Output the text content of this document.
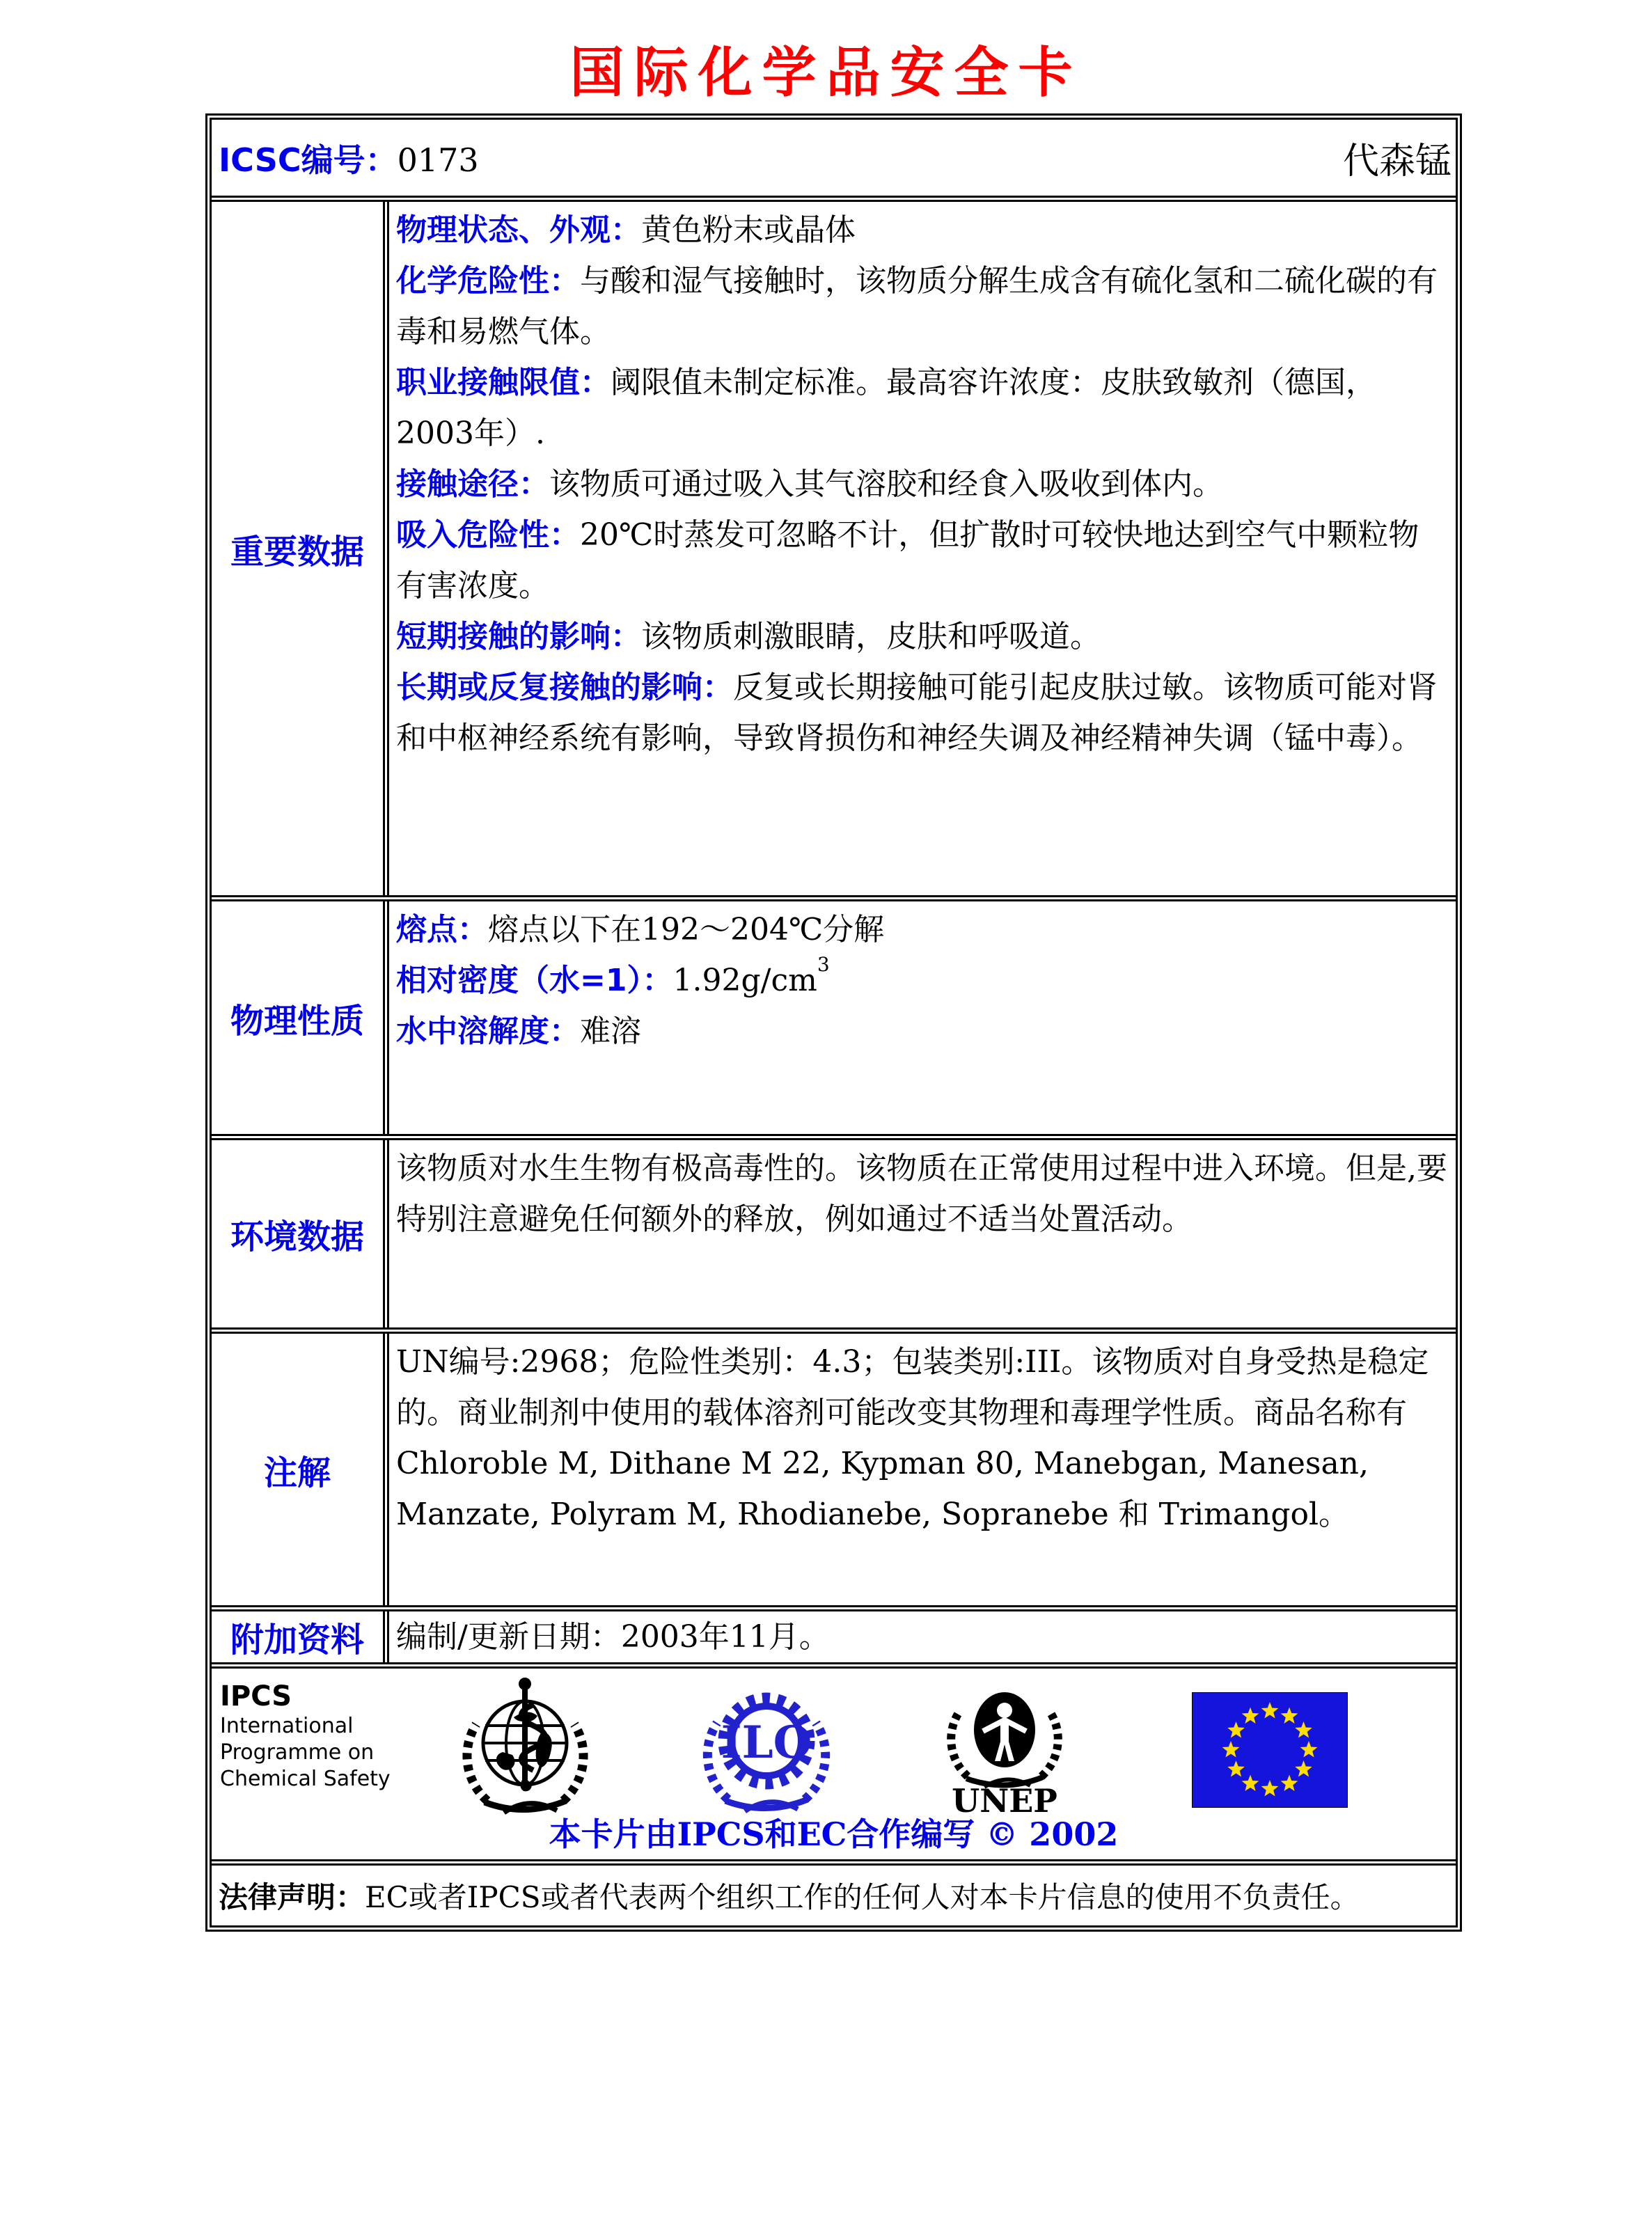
国际化学品安全卡
ICSC编号：0173	代森锰
重要数据
物理状态、外观：黄色粉末或晶体
化学危险性：与酸和湿气接触时，该物质分解生成含有硫化氢和二硫化碳的有毒和易燃气体。
职业接触限值：阈限值未制定标准。最高容许浓度：皮肤致敏剂（德国，2003年）.
接触途径：该物质可通过吸入其气溶胶和经食入吸收到体内。
吸入危险性：20℃时蒸发可忽略不计，但扩散时可较快地达到空气中颗粒物有害浓度。
短期接触的影响：该物质刺激眼睛，皮肤和呼吸道。
长期或反复接触的影响：反复或长期接触可能引起皮肤过敏。该物质可能对肾和中枢神经系统有影响，导致肾损伤和神经失调及神经精神失调（锰中毒）。
物理性质
熔点：熔点以下在192～204℃分解
相对密度（水=1）：$1.92g/cm^3$
水中溶解度：难溶
环境数据
该物质对水生生物有极高毒性的。该物质在正常使用过程中进入环境。但是,要特别注意避免任何额外的释放，例如通过不适当处置活动。
注解
UN编号:2968；危险性类别：4.3；包装类别:III。该物质对自身受热是稳定的。商业制剂中使用的载体溶剂可能改变其物理和毒理学性质。商品名称有Chloroble M, Dithane M 22, Kypman 80, Manebgan, Manesan, Manzate, Polyram M, Rhodianebe, Sopranebe 和 Trimangol。
附加资料 编制/更新日期：2003年11月。
IPCS
International
Programme on
Chemical Safety
ILO
UNEP
本卡片由IPCS和EC合作编写 © 2002
法律声明： EC或者IPCS或者代表两个组织工作的任何人对本卡片信息的使用不负责任。
